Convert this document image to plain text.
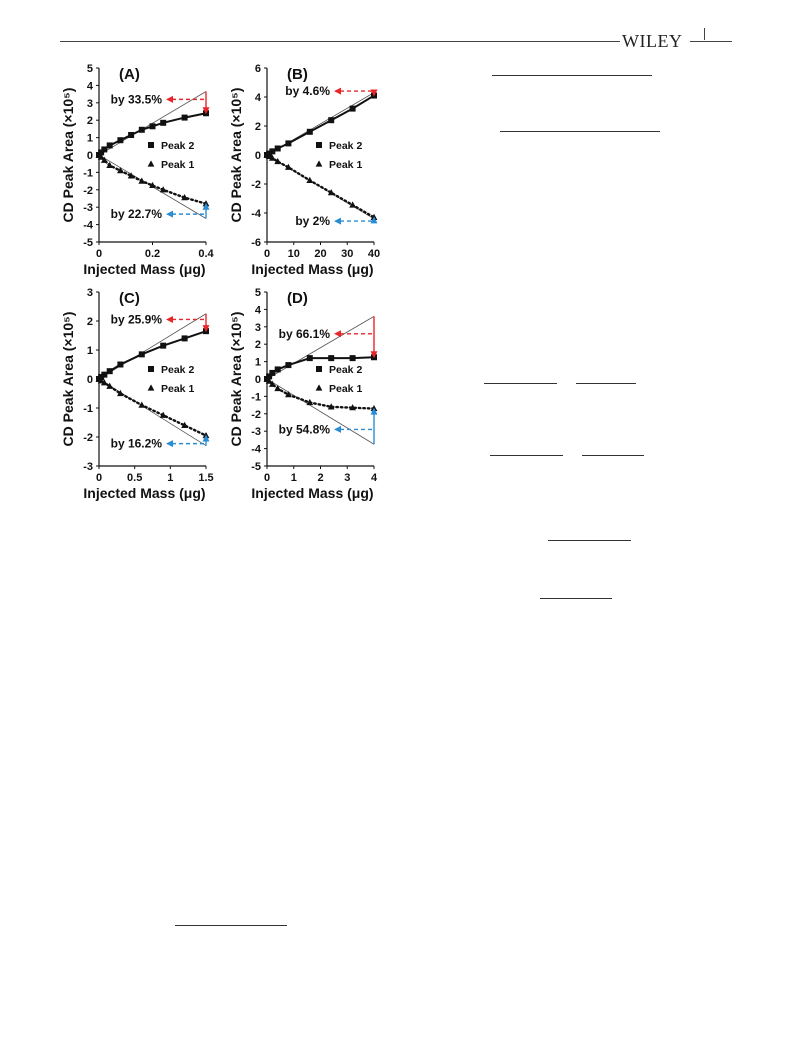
WILEY
-5
-4
-3
-2
-1
0
1
2
3
4
5
0	0.2	0.4
Injected Mass (μg)
CD Peak Area (×10⁵)
(A)
Peak 2
Peak 1
by 33.5%
by 22.7%
-6
-4
-2
0
2
4
6
0 10 20 30 40
Injected Mass (μg)
CD Peak Area (×10⁵)
(B)
Peak 2
Peak 1
by 4.6%
by 2%
-3
-2
-1
0
1
2
3
0 0.5 1 1.5
Injected Mass (μg)
CD Peak Area (×10⁵)
(C)
Peak 2
Peak 1
by 25.9%
by 16.2%
-5
-4
-3
-2
-1
0
1
2
3
4
5
0 1 2 3 4
Injected Mass (μg)
CD Peak Area (×10⁵)
(D)
Peak 2
Peak 1
by 66.1%
by 54.8%
